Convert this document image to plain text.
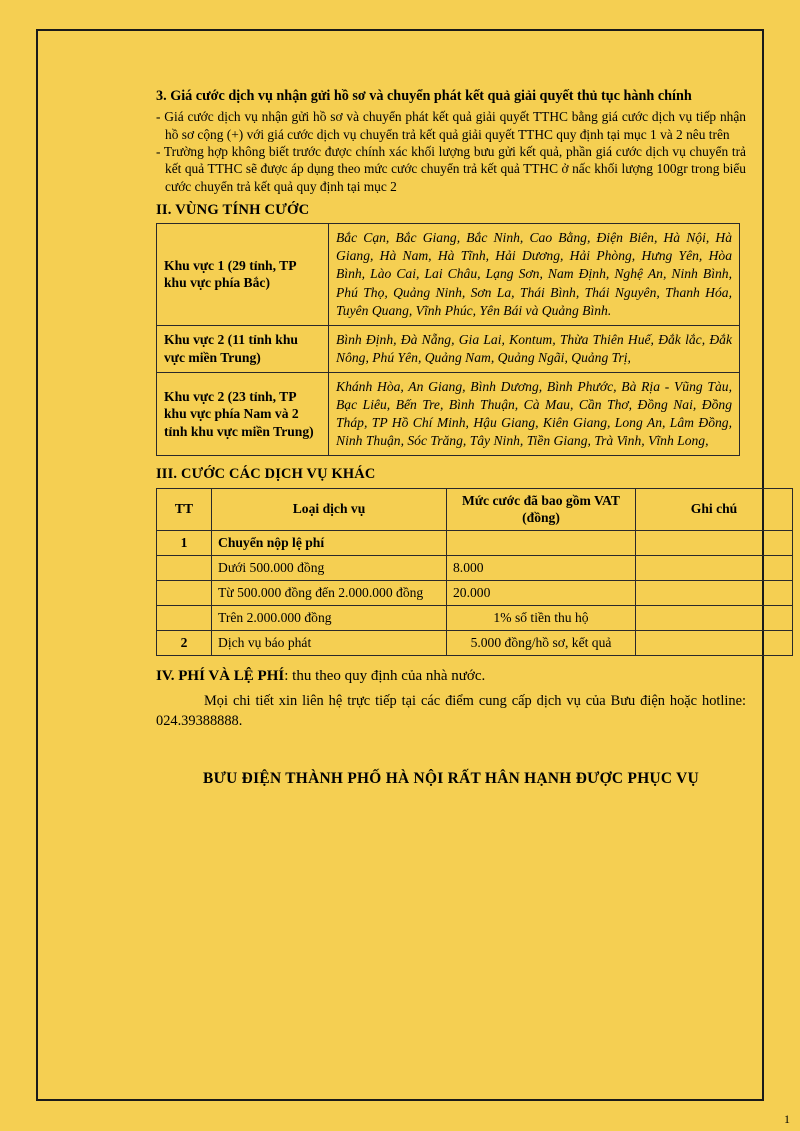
3. Giá cước dịch vụ nhận gửi hồ sơ và chuyển phát kết quả giải quyết thủ tục hành chính

- Giá cước dịch vụ nhận gửi hồ sơ và chuyển phát kết quả giải quyết TTHC bằng giá cước dịch vụ tiếp nhận hồ sơ cộng (+) với giá cước dịch vụ chuyển trả kết quả giải quyết TTHC quy định tại mục 1 và 2 nêu trên

- Trường hợp không biết trước được chính xác khối lượng bưu gửi kết quả, phần giá cước dịch vụ chuyển trả kết quả TTHC sẽ được áp dụng theo mức cước chuyển trả kết quả TTHC ở nấc khối lượng 100gr trong biểu cước chuyển trả kết quả quy định tại mục 2

II. VÙNG TÍNH CƯỚC

Khu vực 1 (29 tỉnh, TP khu vực phía Bắc)	Bắc Cạn, Bắc Giang, Bắc Ninh, Cao Bằng, Điện Biên, Hà Nội, Hà Giang, Hà Nam, Hà Tĩnh, Hải Dương, Hải Phòng, Hưng Yên, Hòa Bình, Lào Cai, Lai Châu, Lạng Sơn, Nam Định, Nghệ An, Ninh Bình, Phú Thọ, Quảng Ninh, Sơn La, Thái Bình, Thái Nguyên, Thanh Hóa, Tuyên Quang, Vĩnh Phúc, Yên Bái và Quảng Bình.
Khu vực 2 (11 tỉnh khu vực miền Trung)	Bình Định, Đà Nẵng, Gia Lai, Kontum, Thừa Thiên Huế, Đắk lắc, Đắk Nông, Phú Yên, Quảng Nam, Quảng Ngãi, Quảng Trị,
Khu vực 2 (23 tỉnh, TP khu vực phía Nam và 2 tỉnh khu vực miền Trung)	Khánh Hòa, An Giang, Bình Dương, Bình Phước, Bà Rịa - Vũng Tàu, Bạc Liêu, Bến Tre, Bình Thuận, Cà Mau, Cần Thơ, Đồng Nai, Đồng Tháp, TP Hồ Chí Minh, Hậu Giang, Kiên Giang, Long An, Lâm Đồng, Ninh Thuận, Sóc Trăng, Tây Ninh, Tiền Giang, Trà Vinh, Vĩnh Long,

III. CƯỚC CÁC DỊCH VỤ KHÁC

TT	Loại dịch vụ	Mức cước đã bao gồm VAT (đồng)	Ghi chú
1	Chuyển nộp lệ phí		
	Dưới 500.000 đồng	8.000	
	Từ 500.000 đồng đến 2.000.000 đồng	20.000	
	Trên 2.000.000 đồng	1% số tiền thu hộ	
2	Dịch vụ báo phát	5.000 đồng/hồ sơ, kết quả	

IV. PHÍ VÀ LỆ PHÍ: thu theo quy định của nhà nước.

Mọi chi tiết xin liên hệ trực tiếp tại các điểm cung cấp dịch vụ của Bưu điện hoặc hotline: 024.39388888.

BƯU ĐIỆN THÀNH PHỐ HÀ NỘI RẤT HÂN HẠNH ĐƯỢC PHỤC VỤ

1
